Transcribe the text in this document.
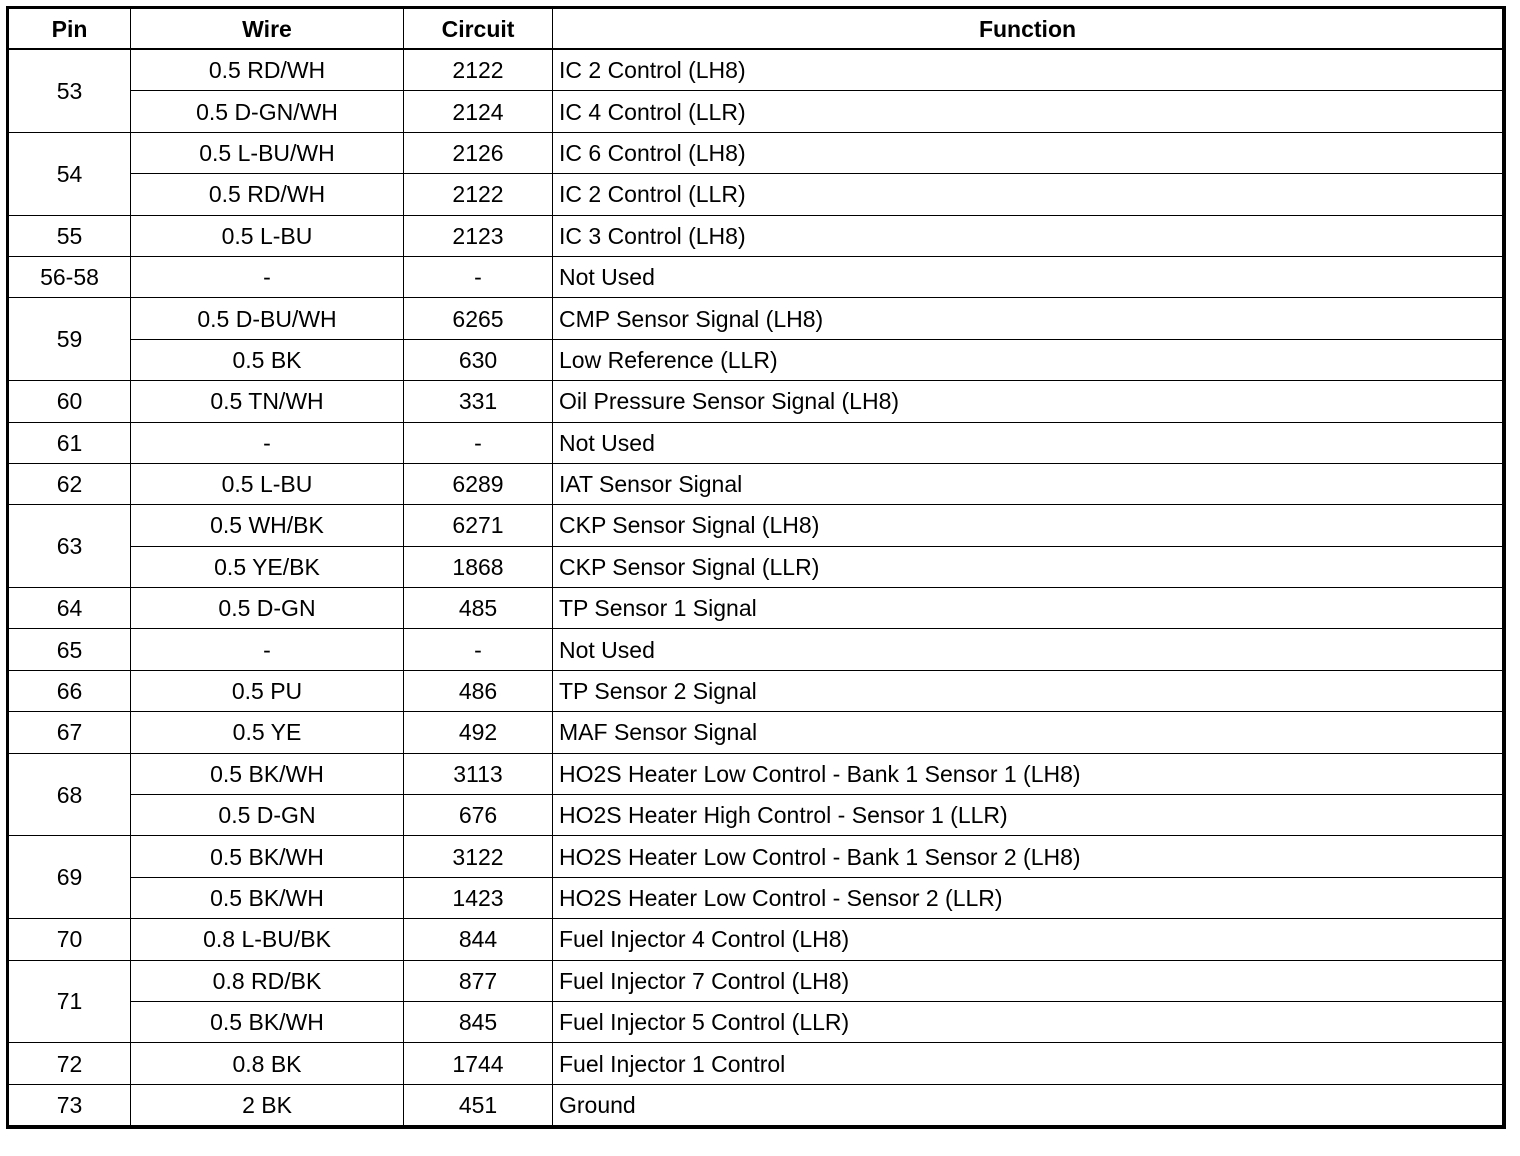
Pin	Wire	Circuit	Function
53	0.5 RD/WH	2122	IC 2 Control (LH8)
	0.5 D-GN/WH	2124	IC 4 Control (LLR)
54	0.5 L-BU/WH	2126	IC 6 Control (LH8)
	0.5 RD/WH	2122	IC 2 Control (LLR)
55	0.5 L-BU	2123	IC 3 Control (LH8)
56-58	-	-	Not Used
59	0.5 D-BU/WH	6265	CMP Sensor Signal (LH8)
	0.5 BK	630	Low Reference (LLR)
60	0.5 TN/WH	331	Oil Pressure Sensor Signal (LH8)
61	-	-	Not Used
62	0.5 L-BU	6289	IAT Sensor Signal
63	0.5 WH/BK	6271	CKP Sensor Signal (LH8)
	0.5 YE/BK	1868	CKP Sensor Signal (LLR)
64	0.5 D-GN	485	TP Sensor 1 Signal
65	-	-	Not Used
66	0.5 PU	486	TP Sensor 2 Signal
67	0.5 YE	492	MAF Sensor Signal
68	0.5 BK/WH	3113	HO2S Heater Low Control - Bank 1 Sensor 1 (LH8)
	0.5 D-GN	676	HO2S Heater High Control - Sensor 1 (LLR)
69	0.5 BK/WH	3122	HO2S Heater Low Control - Bank 1 Sensor 2 (LH8)
	0.5 BK/WH	1423	HO2S Heater Low Control - Sensor 2 (LLR)
70	0.8 L-BU/BK	844	Fuel Injector 4 Control (LH8)
71	0.8 RD/BK	877	Fuel Injector 7 Control (LH8)
	0.5 BK/WH	845	Fuel Injector 5 Control (LLR)
72	0.8 BK	1744	Fuel Injector 1 Control
73	2 BK	451	Ground
